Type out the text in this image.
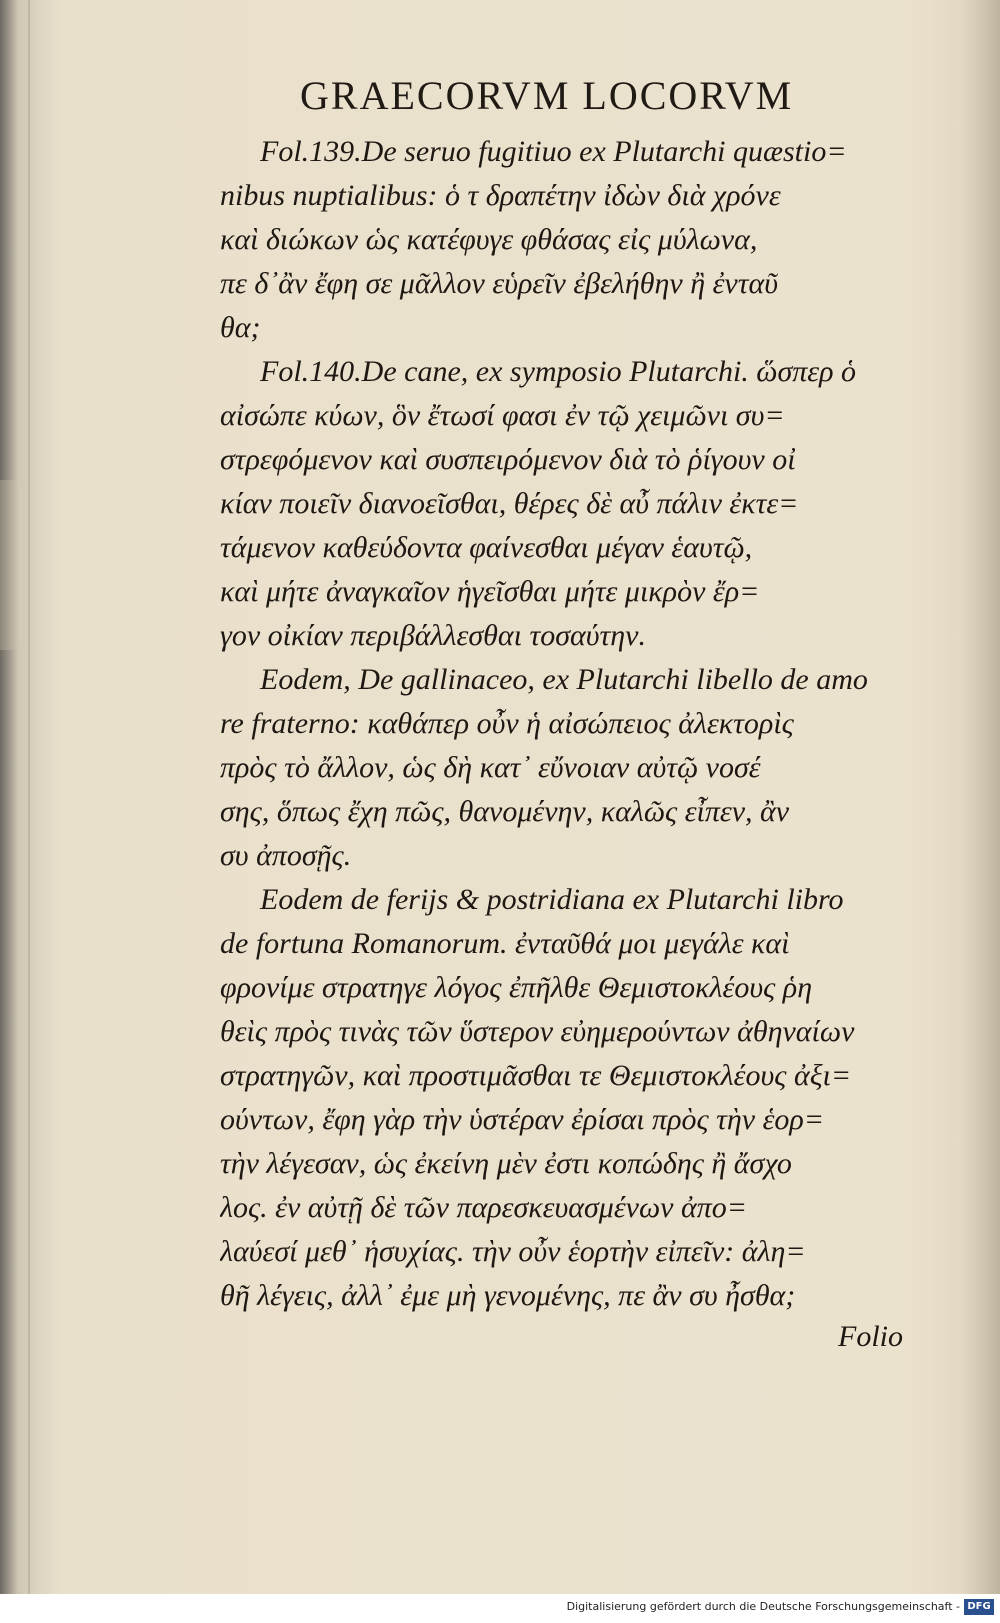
GRAECORVM LOCORVM
Fol.139.De seruo fugitiuo ex Plutarchi quæstio=
nibus nuptialibus: ὁ τ δραπέτην ἰδὼν διὰ χρόνε
καὶ διώκων ὡς κατέφυγε φθάσας εἰς μύλωνα,
πε δ᾽ἂν ἔφη σε μᾶλλον εὑρεῖν ἐβελήθην ἢ ἐνταῦ
θα;
Fol.140.De cane, ex symposio Plutarchi. ὥσπερ ὁ
αἰσώπε κύων, ὃν ἔτωσί φασι ἐν τῷ χειμῶνι συ=
στρεφόμενον καὶ συσπειρόμενον διὰ τὸ ῥίγουν οἰ
κίαν ποιεῖν διανοεῖσθαι, θέρες δὲ αὖ πάλιν ἐκτε=
τάμενον καθεύδοντα φαίνεσθαι μέγαν ἑαυτῷ,
καὶ μήτε ἀναγκαῖον ἡγεῖσθαι μήτε μικρὸν ἔρ=
γον οἰκίαν περιβάλλεσθαι τοσαύτην.
Eodem, De gallinaceo, ex Plutarchi libello de amo
re fraterno: καθάπερ οὖν ἡ αἰσώπειος ἀλεκτορὶς
πρὸς τὸ ἄλλον, ὡς δὴ κατ᾽ εὔνοιαν αὐτῷ νοσέ
σης, ὅπως ἔχη πῶς, θανομένην, καλῶς εἶπεν, ἂν
συ ἀποσῇς.
Eodem de ferijs & postridiana ex Plutarchi libro
de fortuna Romanorum. ἐνταῦθά μοι μεγάλε καὶ
φρονίμε στρατηγε λόγος ἐπῆλθε Θεμιστοκλέους ῥη
θεὶς πρὸς τινὰς τῶν ὕστερον εὐημερούντων ἀθηναίων
στρατηγῶν, καὶ προστιμᾶσθαι τε Θεμιστοκλέους ἀξι=
ούντων, ἔφη γὰρ τὴν ὑστέραν ἐρίσαι πρὸς τὴν ἑορ=
τὴν λέγεσαν, ὡς ἐκείνη μὲν ἐστι κοπώδης ἢ ἄσχο
λος. ἐν αὐτῇ δὲ τῶν παρεσκευασμένων ἀπο=
λαύεσί μεθ᾽ ἡσυχίας. τὴν οὖν ἑορτὴν εἰπεῖν: ἀλη=
θῆ λέγεις, ἀλλ᾽ ἐμε μὴ γενομένης, πε ἂν συ ἦσθα;
Folio
Digitalisierung gefördert durch die Deutsche Forschungsgemeinschaft - DFG
